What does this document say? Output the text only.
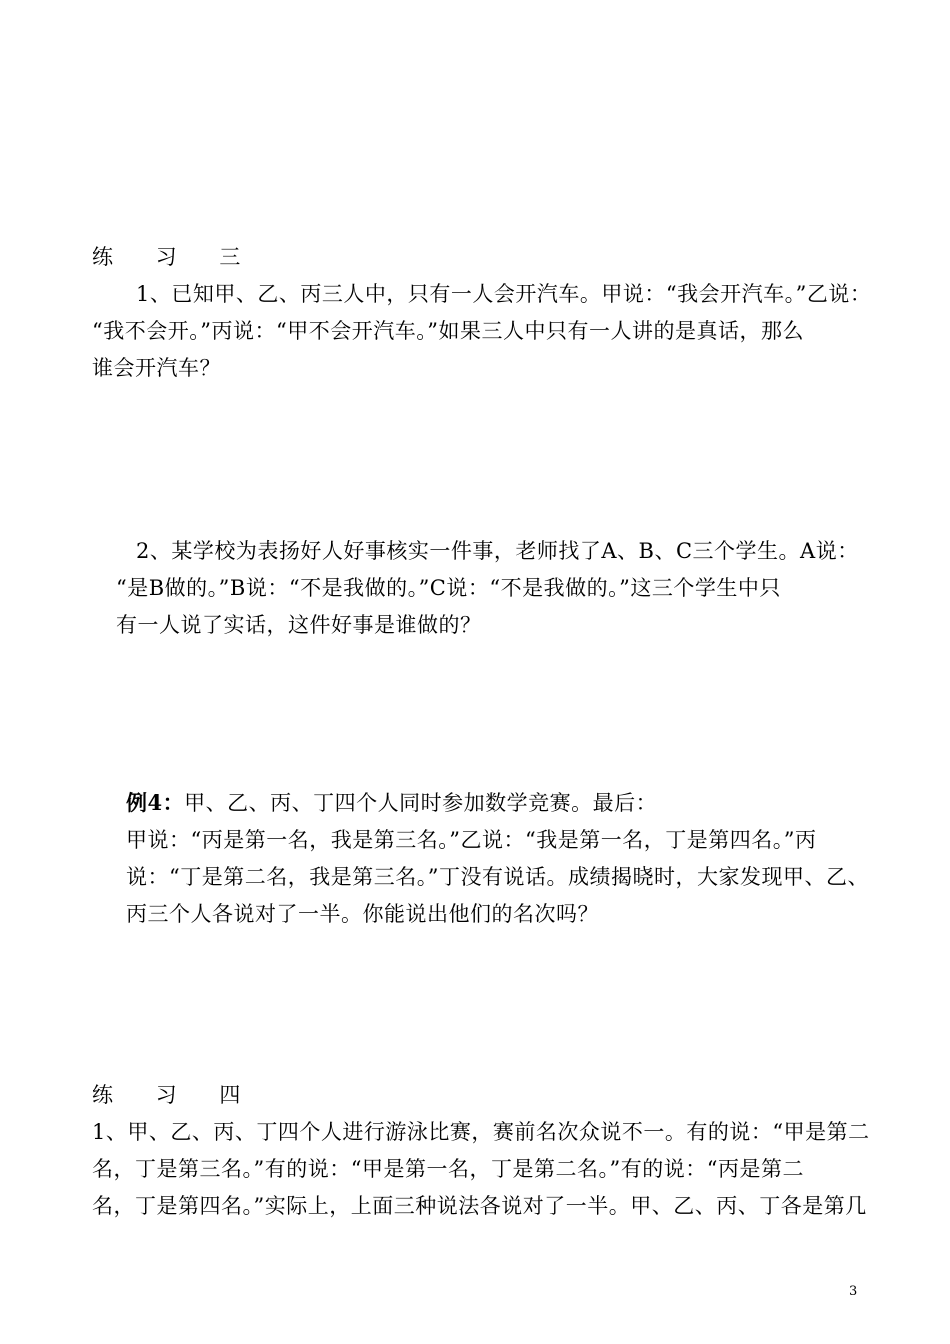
练 习 三
1、已知甲、乙、丙三人中，只有一人会开汽车。甲说：“我会开汽车。”乙说：
“我不会开。”丙说：“甲不会开汽车。”如果三人中只有一人讲的是真话，那么
谁会开汽车？
2、某学校为表扬好人好事核实一件事，老师找了A、B、C三个学生。A说：
“是B做的。”B说：“不是我做的。”C说：“不是我做的。”这三个学生中只
有一人说了实话，这件好事是谁做的？
例4：甲、乙、丙、丁四个人同时参加数学竞赛。最后：
甲说：“丙是第一名，我是第三名。”乙说：“我是第一名，丁是第四名。”丙
说：“丁是第二名，我是第三名。”丁没有说话。成绩揭晓时，大家发现甲、乙、
丙三个人各说对了一半。你能说出他们的名次吗？
练 习 四
1、甲、乙、丙、丁四个人进行游泳比赛，赛前名次众说不一。有的说：“甲是第二
名，丁是第三名。”有的说：“甲是第一名，丁是第二名。”有的说：“丙是第二
名，丁是第四名。”实际上，上面三种说法各说对了一半。甲、乙、丙、丁各是第几
3
